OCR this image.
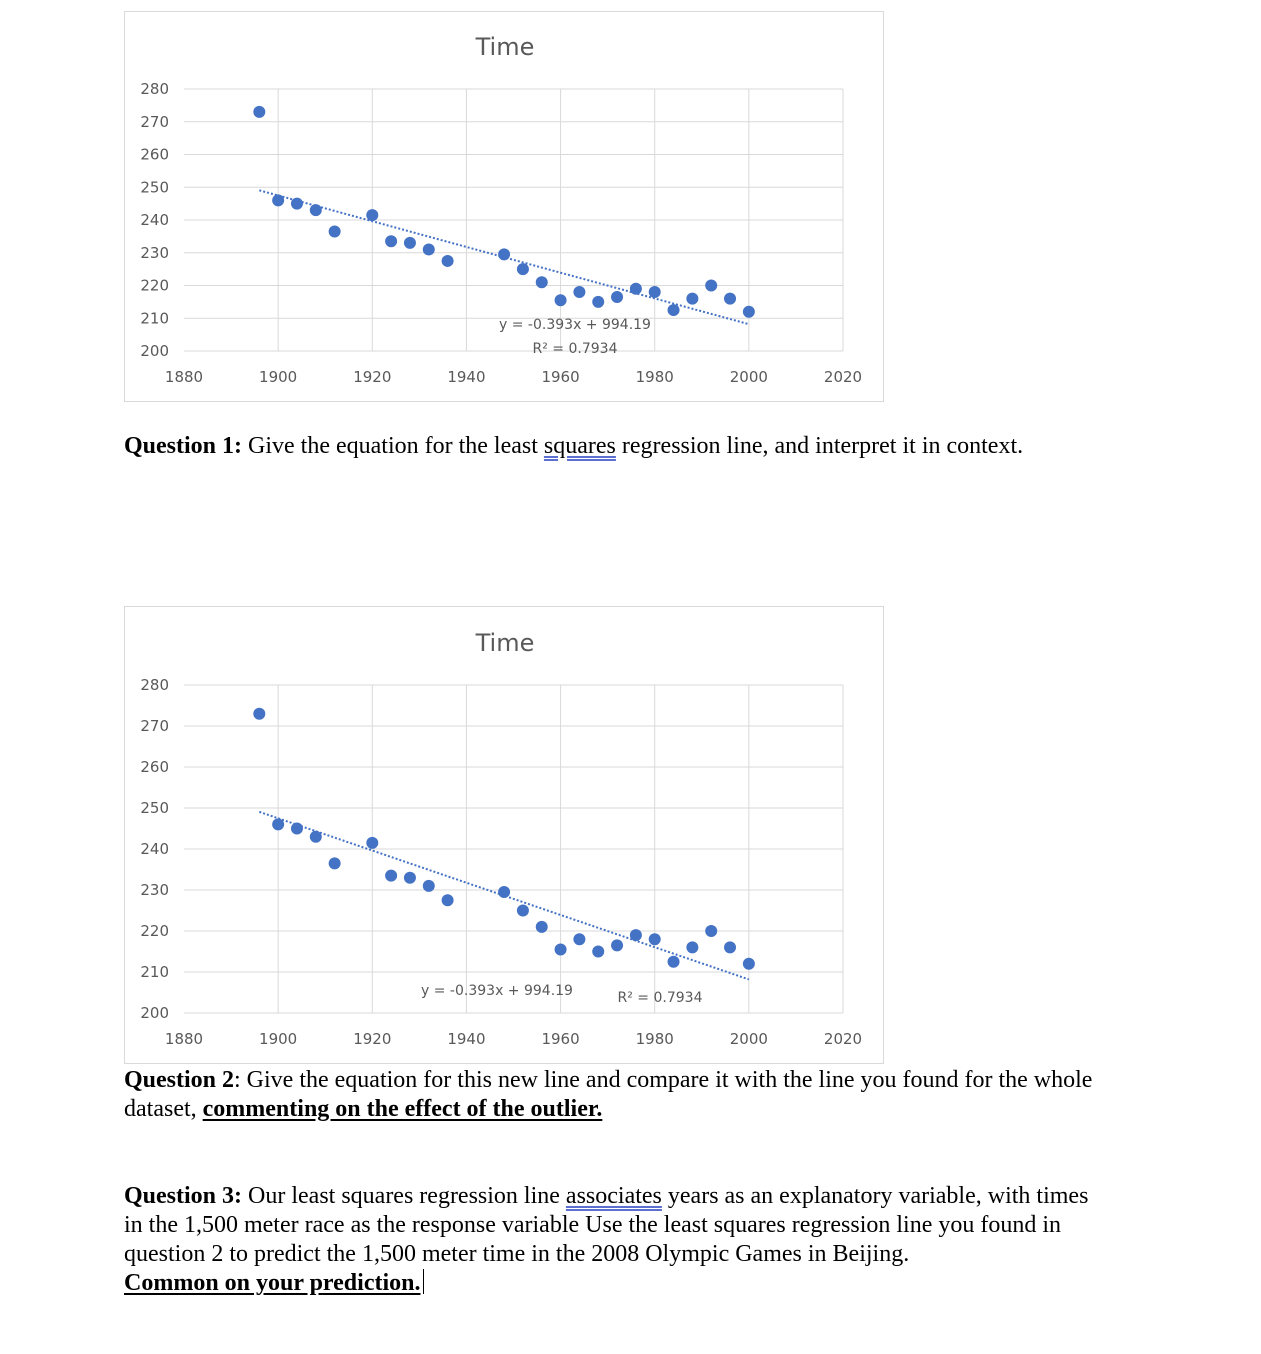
Time
200
210
220
230
240
250
260
270
280
1880	1900	1920	1940	1960	1980	2000	2020
y = -0.393x + 994.19
R² = 0.7934

Question 1: Give the equation for the least squares regression line, and interpret it in context.

Time
200
210
220
230
240
250
260
270
280
1880	1900	1920	1940	1960	1980	2000	2020
y = -0.393x + 994.19	R² = 0.7934

Question 2: Give the equation for this new line and compare it with the line you found for the whole dataset, commenting on the effect of the outlier.

Question 3: Our least squares regression line associates years as an explanatory variable, with times in the 1,500 meter race as the response variable Use the least squares regression line you found in question 2 to predict the 1,500 meter time in the 2008 Olympic Games in Beijing.
Common on your prediction.
